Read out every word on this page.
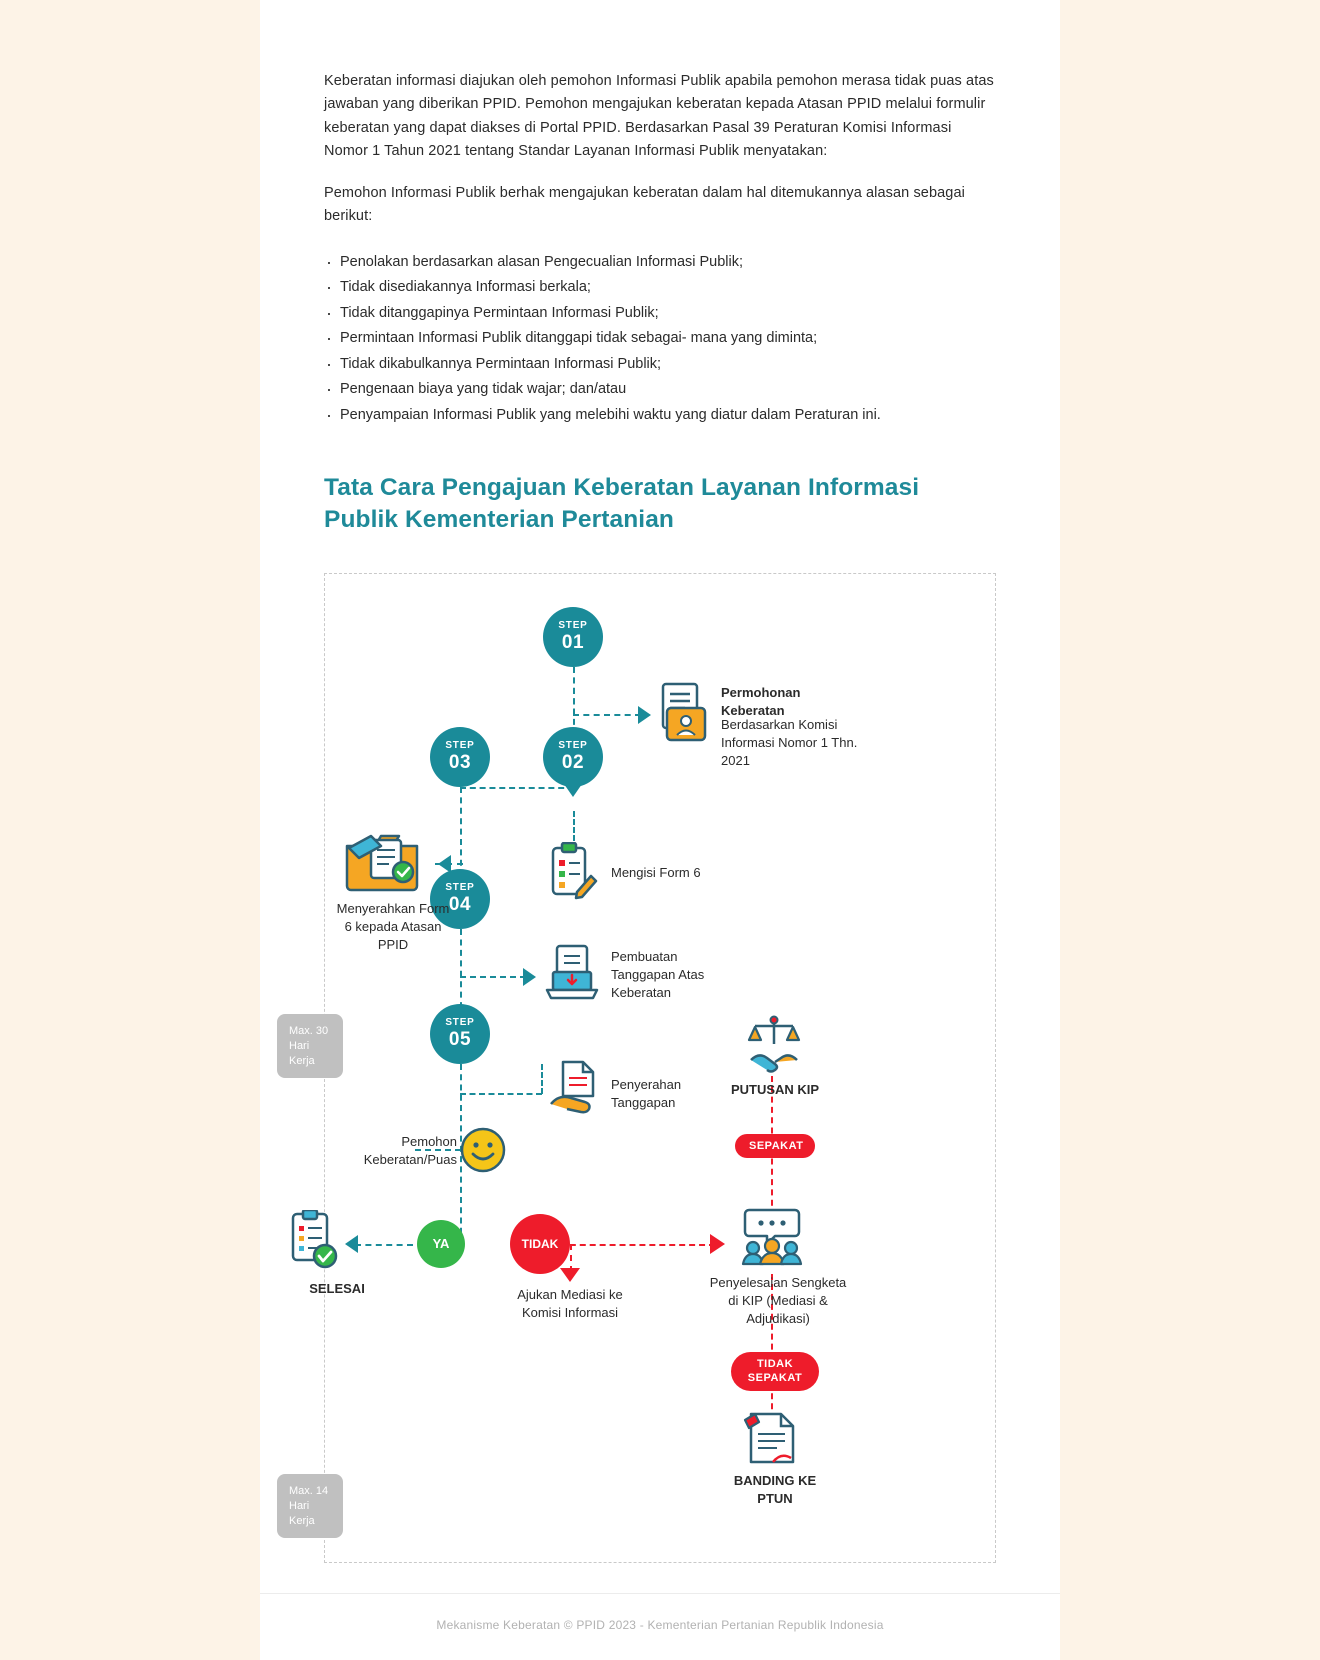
Keberatan informasi diajukan oleh pemohon Informasi Publik apabila pemohon merasa tidak puas atas jawaban yang diberikan PPID. Pemohon mengajukan keberatan kepada Atasan PPID melalui formulir keberatan yang dapat diakses di Portal PPID. Berdasarkan Pasal 39 Peraturan Komisi Informasi Nomor 1 Tahun 2021 tentang Standar Layanan Informasi Publik menyatakan:

Pemohon Informasi Publik berhak mengajukan keberatan dalam hal ditemukannya alasan sebagai berikut:

· Penolakan berdasarkan alasan Pengecualian Informasi Publik;
· Tidak disediakannya Informasi berkala;
· Tidak ditanggapinya Permintaan Informasi Publik;
· Permintaan Informasi Publik ditanggapi tidak sebagai- mana yang diminta;
· Tidak dikabulkannya Permintaan Informasi Publik;
· Pengenaan biaya yang tidak wajar; dan/atau
· Penyampaian Informasi Publik yang melebihi waktu yang diatur dalam Peraturan ini.
Tata Cara Pengajuan Keberatan Layanan Informasi Publik Kementerian Pertanian
STEP
01
STEP
02
STEP
03
STEP
04
STEP
05
Permohonan Keberatan
Berdasarkan Komisi Informasi Nomor 1 Thn. 2021
Mengisi Form 6
Menyerahkan Form 6 kepada Atasan PPID
Pembuatan Tanggapan Atas Keberatan
Penyerahan Tanggapan
Pemohon Keberatan/Puas
YA	TIDAK
SELESAI	Ajukan Mediasi ke Komisi Informasi
PUTUSAN KIP
SEPAKAT
Penyelesaian Sengketa di KIP (Mediasi & Adjudikasi)
TIDAK SEPAKAT
BANDING KE PTUN
Max. 30 Hari Kerja
Max. 14 Hari Kerja
Mekanisme Keberatan © PPID 2023 - Kementerian Pertanian Republik Indonesia
